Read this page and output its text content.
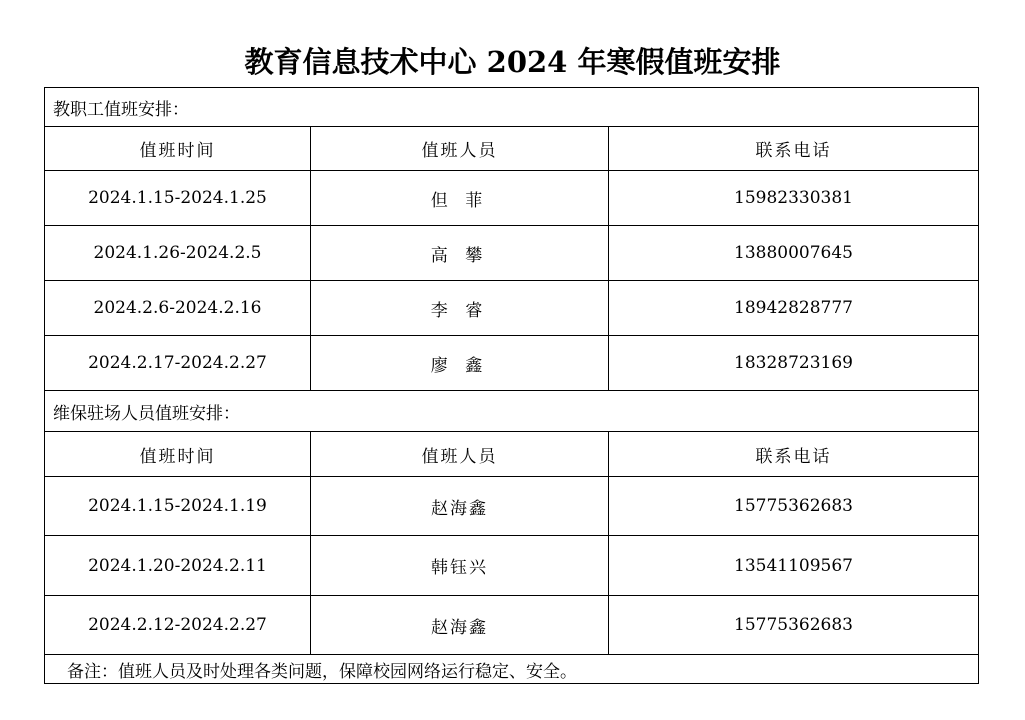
教育信息技术中心 2024 年寒假值班安排
教职工值班安排：		
值班时间	值班人员	联系电话
2024.1.15-2024.1.25	但 菲	15982330381
2024.1.26-2024.2.5	高 攀	13880007645
2024.2.6-2024.2.16	李 睿	18942828777
2024.2.17-2024.2.27	廖 鑫	18328723169
维保驻场人员值班安排：		
值班时间	值班人员	联系电话
2024.1.15-2024.1.19	赵海鑫	15775362683
2024.1.20-2024.2.11	韩钰兴	13541109567
2024.2.12-2024.2.27	赵海鑫	15775362683
备注：值班人员及时处理各类问题，保障校园网络运行稳定、安全。		
